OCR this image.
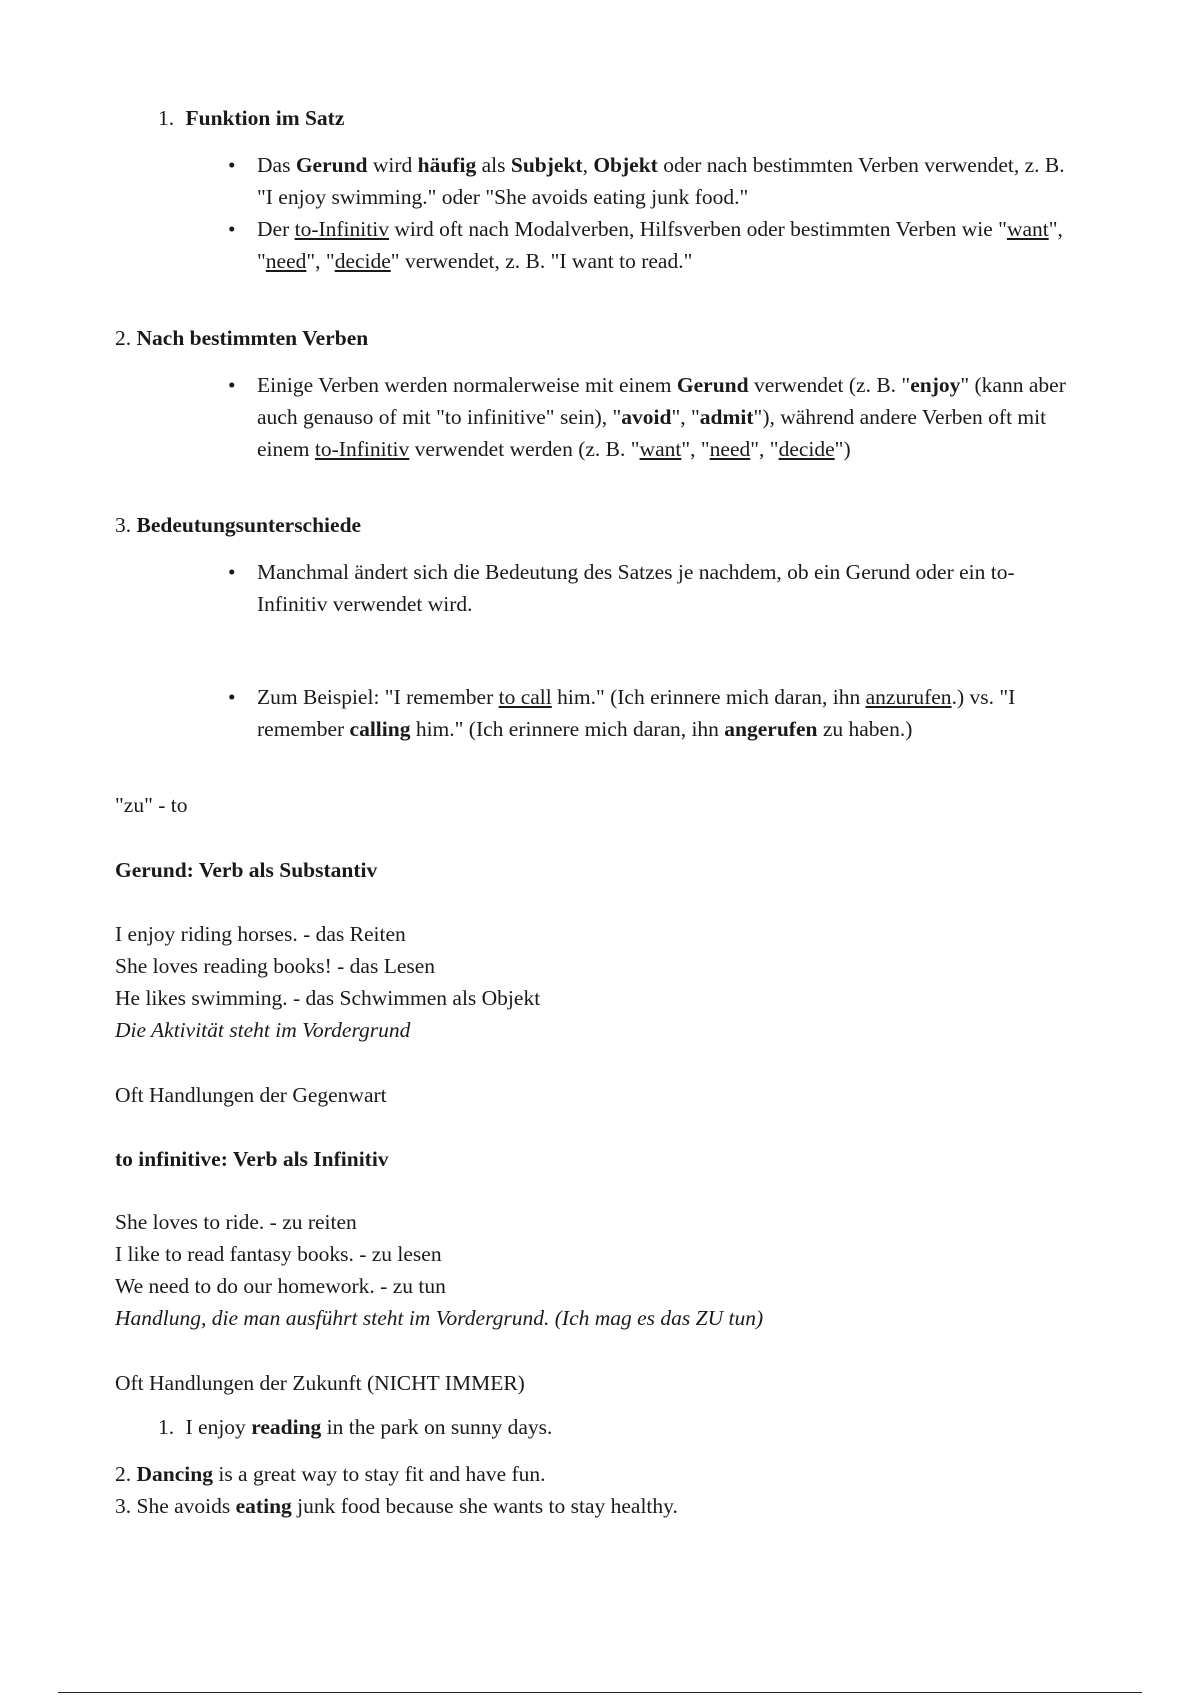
1. Funktion im Satz
• Das Gerund wird häufig als Subjekt, Objekt oder nach bestimmten Verben verwendet, z. B.
"I enjoy swimming." oder "She avoids eating junk food."
• Der to-Infinitiv wird oft nach Modalverben, Hilfsverben oder bestimmten Verben wie "want",
"need", "decide" verwendet, z. B. "I want to read."
2. Nach bestimmten Verben
• Einige Verben werden normalerweise mit einem Gerund verwendet (z. B. "enjoy" (kann aber
auch genauso of mit "to infinitive" sein), "avoid", "admit"), während andere Verben oft mit
einem to-Infinitiv verwendet werden (z. B. "want", "need", "decide")
3. Bedeutungsunterschiede
• Manchmal ändert sich die Bedeutung des Satzes je nachdem, ob ein Gerund oder ein to-
Infinitiv verwendet wird.
• Zum Beispiel: "I remember to call him." (Ich erinnere mich daran, ihn anzurufen.) vs. "I
remember calling him." (Ich erinnere mich daran, ihn angerufen zu haben.)
"zu" - to
Gerund: Verb als Substantiv
I enjoy riding horses. - das Reiten
She loves reading books! - das Lesen
He likes swimming. - das Schwimmen als Objekt
Die Aktivität steht im Vordergrund
Oft Handlungen der Gegenwart
to infinitive: Verb als Infinitiv
She loves to ride. - zu reiten
I like to read fantasy books. - zu lesen
We need to do our homework. - zu tun
Handlung, die man ausführt steht im Vordergrund. (Ich mag es das ZU tun)
Oft Handlungen der Zukunft (NICHT IMMER)
1. I enjoy reading in the park on sunny days.
2. Dancing is a great way to stay fit and have fun.
3. She avoids eating junk food because she wants to stay healthy.
